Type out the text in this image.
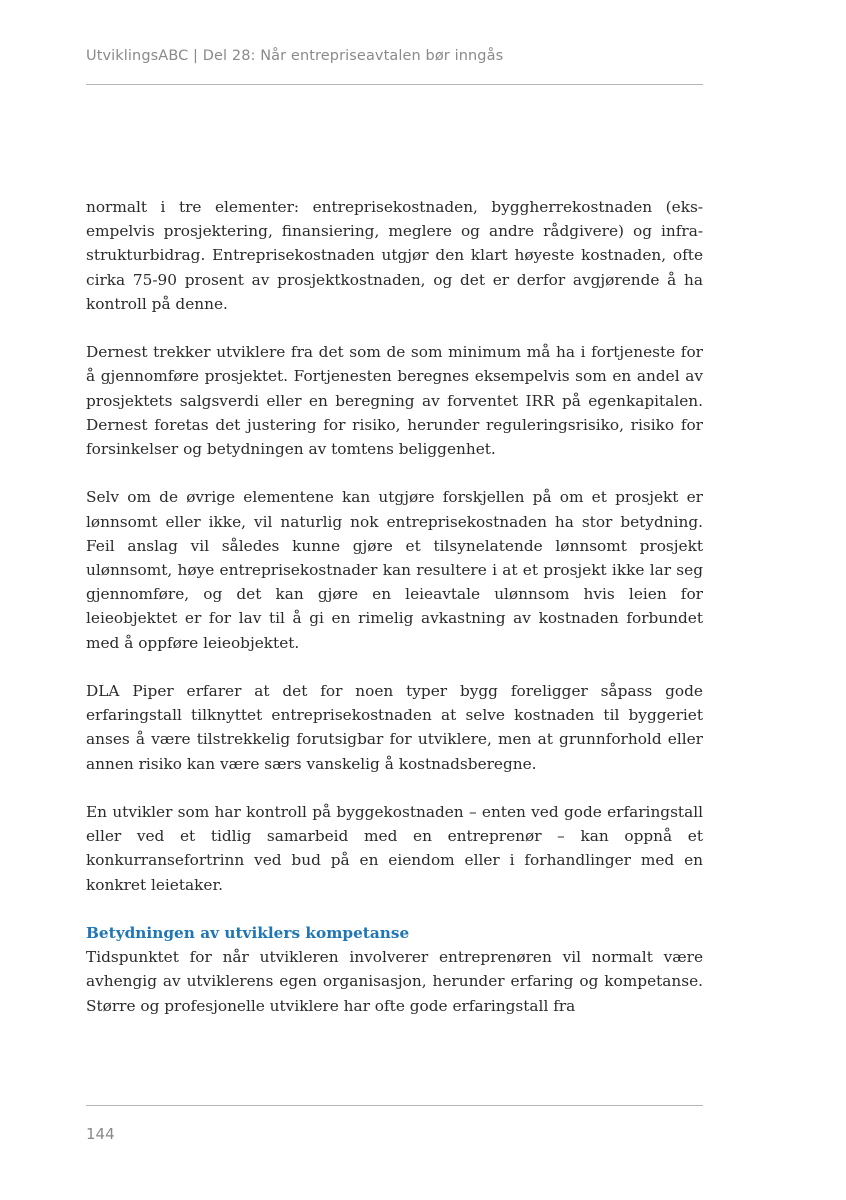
UtviklingsABC | Del 28: Når entrepriseavtalen bør inngås

normalt i tre elementer: entreprisekostnaden, byggherrekostnaden (eksempelvis prosjektering, finansiering, meglere og andre rådgivere) og infrastrukturbidrag. Entreprisekostnaden utgjør den klart høyeste kostnaden, ofte cirka 75-90 prosent av prosjektkostnaden, og det er derfor avgjørende å ha kontroll på denne.

Dernest trekker utviklere fra det som de som minimum må ha i fortjeneste for å gjennomføre prosjektet. Fortjenesten beregnes eksempelvis som en andel av prosjektets salgsverdi eller en beregning av forventet IRR på egenkapitalen. Dernest foretas det justering for risiko, herunder reguleringsrisiko, risiko for forsinkelser og betydningen av tomtens beliggenhet.

Selv om de øvrige elementene kan utgjøre forskjellen på om et prosjekt er lønnsomt eller ikke, vil naturlig nok entreprisekostnaden ha stor betydning. Feil anslag vil således kunne gjøre et tilsynelatende lønnsomt prosjekt ulønnsomt, høye entreprisekostnader kan resultere i at et prosjekt ikke lar seg gjennomføre, og det kan gjøre en leieavtale ulønnsom hvis leien for leieobjektet er for lav til å gi en rimelig avkastning av kostnaden forbundet med å oppføre leieobjektet.

DLA Piper erfarer at det for noen typer bygg foreligger såpass gode erfaringstall tilknyttet entreprisekostnaden at selve kostnaden til byggeriet anses å være tilstrekkelig forutsigbar for utviklere, men at grunnforhold eller annen risiko kan være særs vanskelig å kostnadsberegne.

En utvikler som har kontroll på byggekostnaden – enten ved gode erfaringstall eller ved et tidlig samarbeid med en entreprenør – kan oppnå et konkurransefortrinn ved bud på en eiendom eller i forhandlinger med en konkret leietaker.

Betydningen av utviklers kompetanse

Tidspunktet for når utvikleren involverer entreprenøren vil normalt være avhengig av utviklerens egen organisasjon, herunder erfaring og kompetanse. Større og profesjonelle utviklere har ofte gode erfaringstall fra

144
